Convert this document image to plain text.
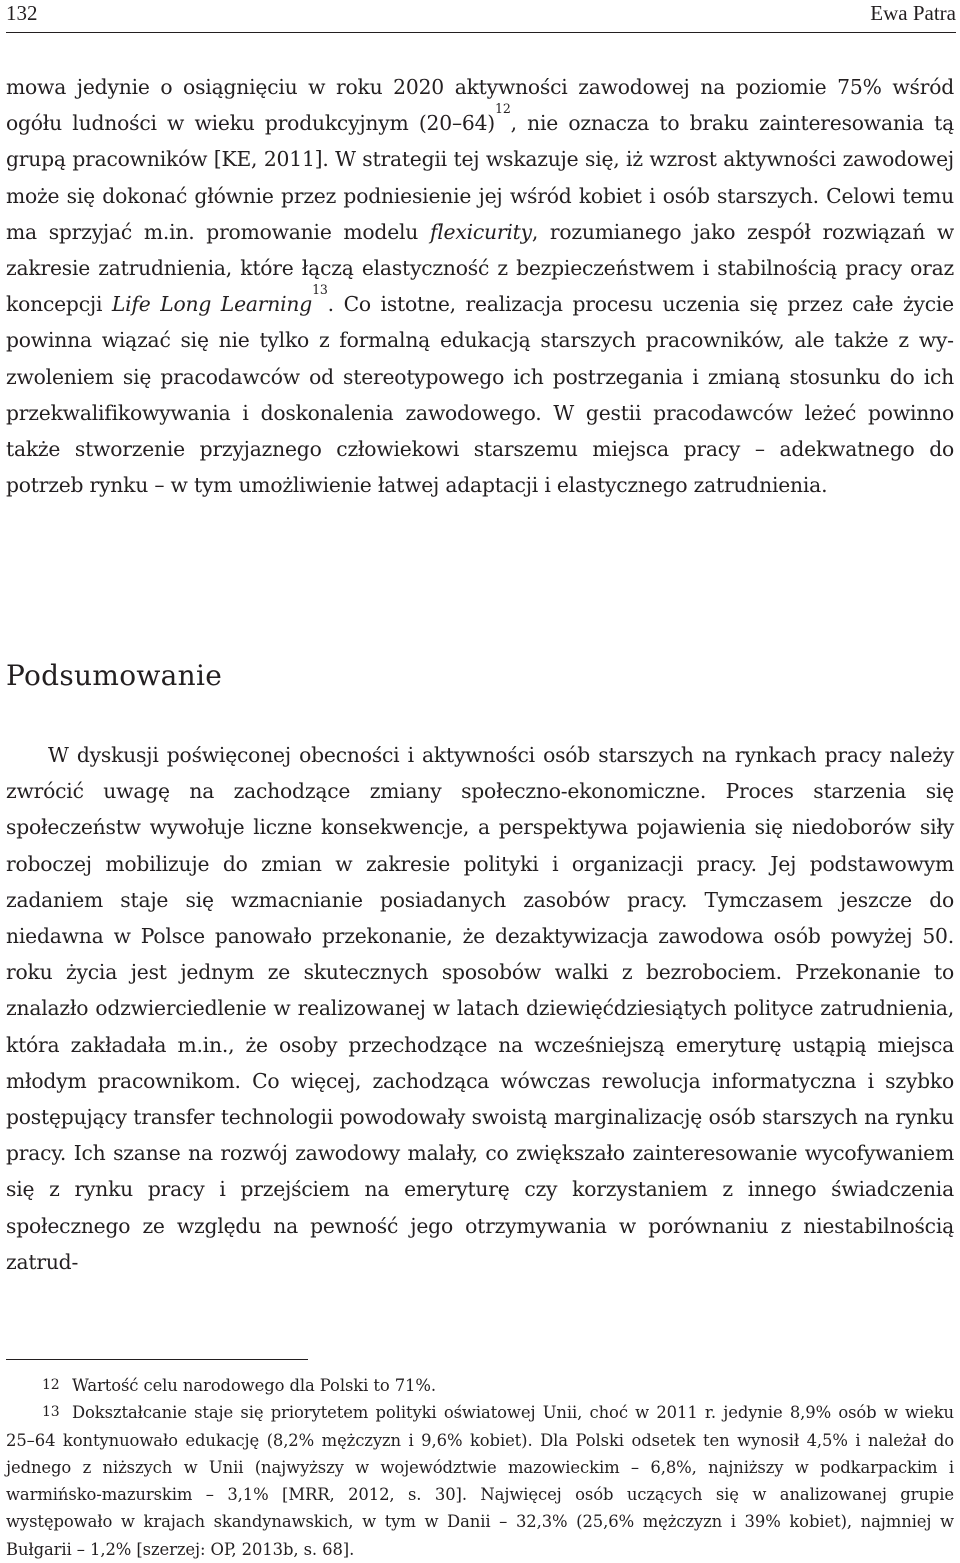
132	Ewa Patra

mowa jedynie o osiągnięciu w roku 2020 aktywności zawodowej na poziomie 75% wśród ogółu ludności w wieku produkcyjnym $(20-64)^{12}$, nie oznacza to braku zainteresowania tą grupą pracowników [KE, 2011]. W strategii tej wskazuje się, iż wzrost aktywności zawodowej może się dokonać głównie przez podniesienie jej wśród kobiet i osób starszych. Celowi temu ma sprzyjać m.in. promowanie modelu flexicurity, rozumianego jako zespół rozwiązań w zakresie zatrudnienia, które łączą elastyczność z bezpieczeństwem i stabilnością pracy oraz koncepcji Life Long Learning$^{13}$. Co istotne, realizacja procesu uczenia się przez całe życie powinna wiązać się nie tylko z formalną edukacją starszych pracowników, ale także z wyzwoleniem się pracodawców od stereotypowego ich postrzegania i zmianą stosunku do ich przekwalifikowywania i doskonalenia zawodowego. W gestii pracodawców leżeć powinno także stworzenie przyjaznego człowiekowi starszemu miejsca pracy – adekwatnego do potrzeb rynku – w tym umożliwienie łatwej adaptacji i elastycznego zatrudnienia.

Podsumowanie

W dyskusji poświęconej obecności i aktywności osób starszych na rynkach pracy należy zwrócić uwagę na zachodzące zmiany społeczno-ekonomiczne. Proces starzenia się społeczeństw wywołuje liczne konsekwencje, a perspektywa pojawienia się niedoborów siły roboczej mobilizuje do zmian w zakresie polityki i organizacji pracy. Jej podstawowym zadaniem staje się wzmacnianie posiadanych zasobów pracy. Tymczasem jeszcze do niedawna w Polsce panowało przekonanie, że dezaktywizacja zawodowa osób powyżej 50. roku życia jest jednym ze skutecznych sposobów walki z bezrobociem. Przekonanie to znalazło odzwierciedlenie w realizowanej w latach dziewięćdziesiątych polityce zatrudnienia, która zakładała m.in., że osoby przechodzące na wcześniejszą emeryturę ustąpią miejsca młodym pracownikom. Co więcej, zachodząca wówczas rewolucja informatyczna i szybko postępujący transfer technologii powodowały swoistą marginalizację osób starszych na rynku pracy. Ich szanse na rozwój zawodowy malały, co zwiększało zainteresowanie wycofywaniem się z rynku pracy i przejściem na emeryturę czy korzystaniem z innego świadczenia społecznego ze względu na pewność jego otrzymywania w porównaniu z niestabilnością zatrud-

12 Wartość celu narodowego dla Polski to 71%.

13 Dokształcanie staje się priorytetem polityki oświatowej Unii, choć w 2011 r. jedynie 8,9% osób w wieku 25–64 kontynuowało edukację (8,2% mężczyzn i 9,6% kobiet). Dla Polski odsetek ten wynosił 4,5% i należał do jednego z niższych w Unii (najwyższy w województwie mazowieckim – 6,8%, najniższy w podkarpackim i warmińsko-mazurskim – 3,1% [MRR, 2012, s. 30]. Najwięcej osób uczących się w analizowanej grupie występowało w krajach skandynawskich, w tym w Danii – 32,3% (25,6% mężczyzn i 39% kobiet), najmniej w Bułgarii – 1,2% [szerzej: OP, 2013b, s. 68].
